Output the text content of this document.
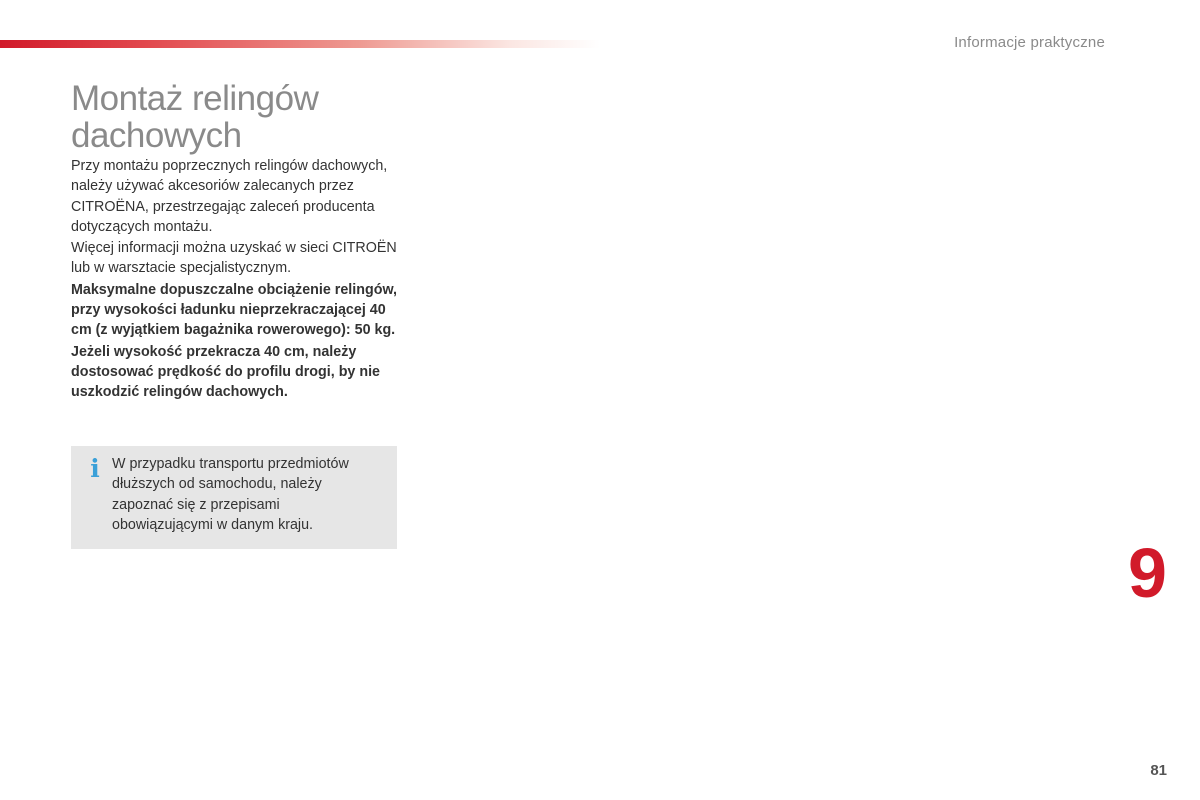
Informacje praktyczne
Montaż relingów
dachowych

Przy montażu poprzecznych relingów dachowych, należy używać akcesoriów zalecanych przez CITROËNA, przestrzegając zaleceń producenta dotyczących montażu.

Więcej informacji można uzyskać w sieci CITROËN lub w warsztacie specjalistycznym.

Maksymalne dopuszczalne obciążenie relingów, przy wysokości ładunku nieprzekraczającej 40 cm (z wyjątkiem bagażnika rowerowego): 50 kg.

Jeżeli wysokość przekracza 40 cm, należy dostosować prędkość do profilu drogi, by nie uszkodzić relingów dachowych.

i W przypadku transportu przedmiotów dłuższych od samochodu, należy zapoznać się z przepisami obowiązującymi w danym kraju.
9
81
